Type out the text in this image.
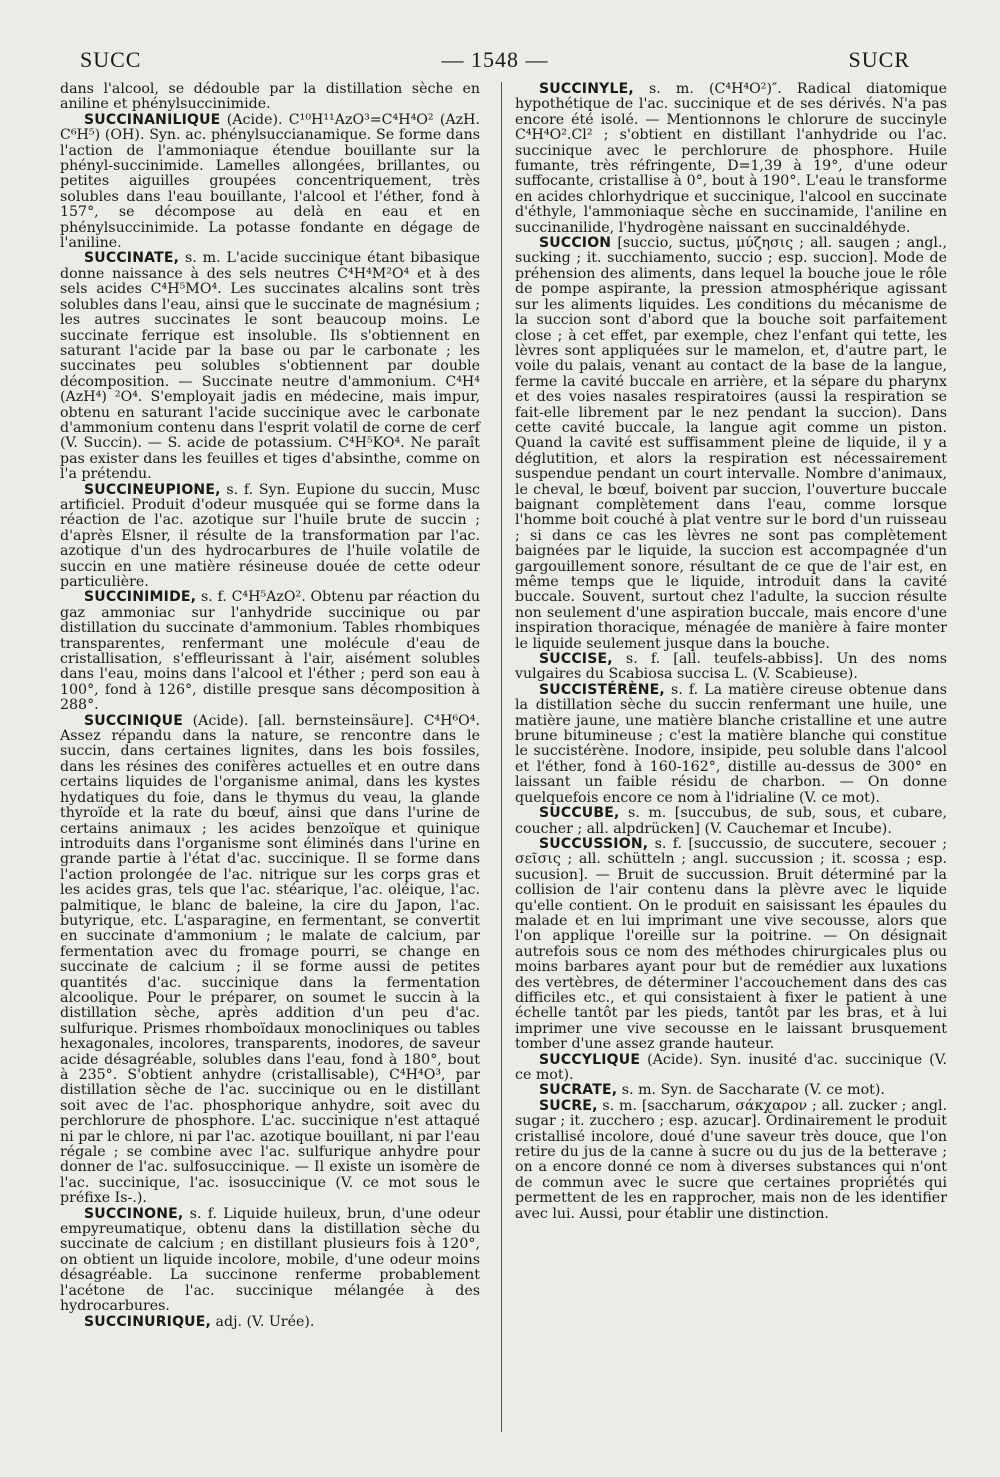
SUCC	— 1548 —	SUCR

dans l'alcool, se dédouble par la distillation sèche en aniline et phénylsuccinimide.

SUCCINANILIQUE (Acide). C¹⁰H¹¹AzO³=C⁴H⁴O² (AzH. C⁶H⁵) (OH). Syn. ac. phénylsuccianamique. Se forme dans l'action de l'ammoniaque étendue bouillante sur la phényl-succinimide. Lamelles allongées, brillantes, ou petites aiguilles groupées concentriquement, très solubles dans l'eau bouillante, l'alcool et l'éther, fond à 157°, se décompose au delà en eau et en phénylsuccinimide. La potasse fondante en dégage de l'aniline.

SUCCINATE, s. m. L'acide succinique étant bibasique donne naissance à des sels neutres C⁴H⁴M²O⁴ et à des sels acides C⁴H⁵MO⁴. Les succinates alcalins sont très solubles dans l'eau, ainsi que le succinate de magnésium ; les autres succinates le sont beaucoup moins. Le succinate ferrique est insoluble. Ils s'obtiennent en saturant l'acide par la base ou par le carbonate ; les succinates peu solubles s'obtiennent par double décomposition. — Succinate neutre d'ammonium. C⁴H⁴ (AzH⁴) ²O⁴. S'employait jadis en médecine, mais impur, obtenu en saturant l'acide succinique avec le carbonate d'ammonium contenu dans l'esprit volatil de corne de cerf (V. Succin). — S. acide de potassium. C⁴H⁵KO⁴. Ne paraît pas exister dans les feuilles et tiges d'absinthe, comme on l'a prétendu.

SUCCINEUPIONE, s. f. Syn. Eupione du succin, Musc artificiel. Produit d'odeur musquée qui se forme dans la réaction de l'ac. azotique sur l'huile brute de succin ; d'après Elsner, il résulte de la transformation par l'ac. azotique d'un des hydrocarbures de l'huile volatile de succin en une matière résineuse douée de cette odeur particulière.

SUCCINIMIDE, s. f. C⁴H⁵AzO². Obtenu par réaction du gaz ammoniac sur l'anhydride succinique ou par distillation du succinate d'ammonium. Tables rhombiques transparentes, renfermant une molécule d'eau de cristallisation, s'effleurissant à l'air, aisément solubles dans l'eau, moins dans l'alcool et l'éther ; perd son eau à 100°, fond à 126°, distille presque sans décomposition à 288°.

SUCCINIQUE (Acide). [all. bernsteinsäure]. C⁴H⁶O⁴. Assez répandu dans la nature, se rencontre dans le succin, dans certaines lignites, dans les bois fossiles, dans les résines des conifères actuelles et en outre dans certains liquides de l'organisme animal, dans les kystes hydatiques du foie, dans le thymus du veau, la glande thyroïde et la rate du bœuf, ainsi que dans l'urine de certains animaux ; les acides benzoïque et quinique introduits dans l'organisme sont éliminés dans l'urine en grande partie à l'état d'ac. succinique. Il se forme dans l'action prolongée de l'ac. nitrique sur les corps gras et les acides gras, tels que l'ac. stéarique, l'ac. oléique, l'ac. palmitique, le blanc de baleine, la cire du Japon, l'ac. butyrique, etc. L'asparagine, en fermentant, se convertit en succinate d'ammonium ; le malate de calcium, par fermentation avec du fromage pourri, se change en succinate de calcium ; il se forme aussi de petites quantités d'ac. succinique dans la fermentation alcoolique. Pour le préparer, on soumet le succin à la distillation sèche, après addition d'un peu d'ac. sulfurique. Prismes rhomboïdaux monocliniques ou tables hexagonales, incolores, transparents, inodores, de saveur acide désagréable, solubles dans l'eau, fond à 180°, bout à 235°. S'obtient anhydre (cristallisable), C⁴H⁴O³, par distillation sèche de l'ac. succinique ou en le distillant soit avec de l'ac. phosphorique anhydre, soit avec du perchlorure de phosphore. L'ac. succinique n'est attaqué ni par le chlore, ni par l'ac. azotique bouillant, ni par l'eau régale ; se combine avec l'ac. sulfurique anhydre pour donner de l'ac. sulfosuccinique. — Il existe un isomère de l'ac. succinique, l'ac. isosuccinique (V. ce mot sous le préfixe Is-.).

SUCCINONE, s. f. Liquide huileux, brun, d'une odeur empyreumatique, obtenu dans la distillation sèche du succinate de calcium ; en distillant plusieurs fois à 120°, on obtient un liquide incolore, mobile, d'une odeur moins désagréable. La succinone renferme probablement l'acétone de l'ac. succinique mélangée à des hydrocarbures.

SUCCINURIQUE, adj. (V. Urée).

SUCCINYLE, s. m. (C⁴H⁴O²)″. Radical diatomique hypothétique de l'ac. succinique et de ses dérivés. N'a pas encore été isolé. — Mentionnons le chlorure de succinyle C⁴H⁴O².Cl² ; s'obtient en distillant l'anhydride ou l'ac. succinique avec le perchlorure de phosphore. Huile fumante, très réfringente, D=1,39 à 19°, d'une odeur suffocante, cristallise à 0°, bout à 190°. L'eau le transforme en acides chlorhydrique et succinique, l'alcool en succinate d'éthyle, l'ammoniaque sèche en succinamide, l'aniline en succinanilide, l'hydrogène naissant en succinaldéhyde.

SUCCION [succio, suctus, μύζησις ; all. saugen ; angl., sucking ; it. succhiamento, succio ; esp. succion]. Mode de préhension des aliments, dans lequel la bouche joue le rôle de pompe aspirante, la pression atmosphérique agissant sur les aliments liquides. Les conditions du mécanisme de la succion sont d'abord que la bouche soit parfaitement close ; à cet effet, par exemple, chez l'enfant qui tette, les lèvres sont appliquées sur le mamelon, et, d'autre part, le voile du palais, venant au contact de la base de la langue, ferme la cavité buccale en arrière, et la sépare du pharynx et des voies nasales respiratoires (aussi la respiration se fait-elle librement par le nez pendant la succion). Dans cette cavité buccale, la langue agit comme un piston. Quand la cavité est suffisamment pleine de liquide, il y a déglutition, et alors la respiration est nécessairement suspendue pendant un court intervalle. Nombre d'animaux, le cheval, le bœuf, boivent par succion, l'ouverture buccale baignant complètement dans l'eau, comme lorsque l'homme boit couché à plat ventre sur le bord d'un ruisseau ; si dans ce cas les lèvres ne sont pas complètement baignées par le liquide, la succion est accompagnée d'un gargouillement sonore, résultant de ce que de l'air est, en même temps que le liquide, introduit dans la cavité buccale. Souvent, surtout chez l'adulte, la succion résulte non seulement d'une aspiration buccale, mais encore d'une inspiration thoracique, ménagée de manière à faire monter le liquide seulement jusque dans la bouche.

SUCCISE, s. f. [all. teufels-abbiss]. Un des noms vulgaires du Scabiosa succisa L. (V. Scabieuse).

SUCCISTÉRÈNE, s. f. La matière cireuse obtenue dans la distillation sèche du succin renfermant une huile, une matière jaune, une matière blanche cristalline et une autre brune bitumineuse ; c'est la matière blanche qui constitue le succistérène. Inodore, insipide, peu soluble dans l'alcool et l'éther, fond à 160-162°, distille au-dessus de 300° en laissant un faible résidu de charbon. — On donne quelquefois encore ce nom à l'idrialine (V. ce mot).

SUCCUBE, s. m. [succubus, de sub, sous, et cubare, coucher ; all. alpdrücken] (V. Cauchemar et Incube).

SUCCUSSION, s. f. [succussio, de succutere, secouer ; σεῖσις ; all. schütteln ; angl. succussion ; it. scossa ; esp. sucusion]. — Bruit de succussion. Bruit déterminé par la collision de l'air contenu dans la plèvre avec le liquide qu'elle contient. On le produit en saisissant les épaules du malade et en lui imprimant une vive secousse, alors que l'on applique l'oreille sur la poitrine. — On désignait autrefois sous ce nom des méthodes chirurgicales plus ou moins barbares ayant pour but de remédier aux luxations des vertèbres, de déterminer l'accouchement dans des cas difficiles etc., et qui consistaient à fixer le patient à une échelle tantôt par les pieds, tantôt par les bras, et à lui imprimer une vive secousse en le laissant brusquement tomber d'une assez grande hauteur.

SUCCYLIQUE (Acide). Syn. inusité d'ac. succinique (V. ce mot).

SUCRATE, s. m. Syn. de Saccharate (V. ce mot).

SUCRE, s. m. [saccharum, σάκχαρον ; all. zucker ; angl. sugar ; it. zucchero ; esp. azucar]. Ordinairement le produit cristallisé incolore, doué d'une saveur très douce, que l'on retire du jus de la canne à sucre ou du jus de la betterave ; on a encore donné ce nom à diverses substances qui n'ont de commun avec le sucre que certaines propriétés qui permettent de les en rapprocher, mais non de les identifier avec lui. Aussi, pour établir une distinction.
